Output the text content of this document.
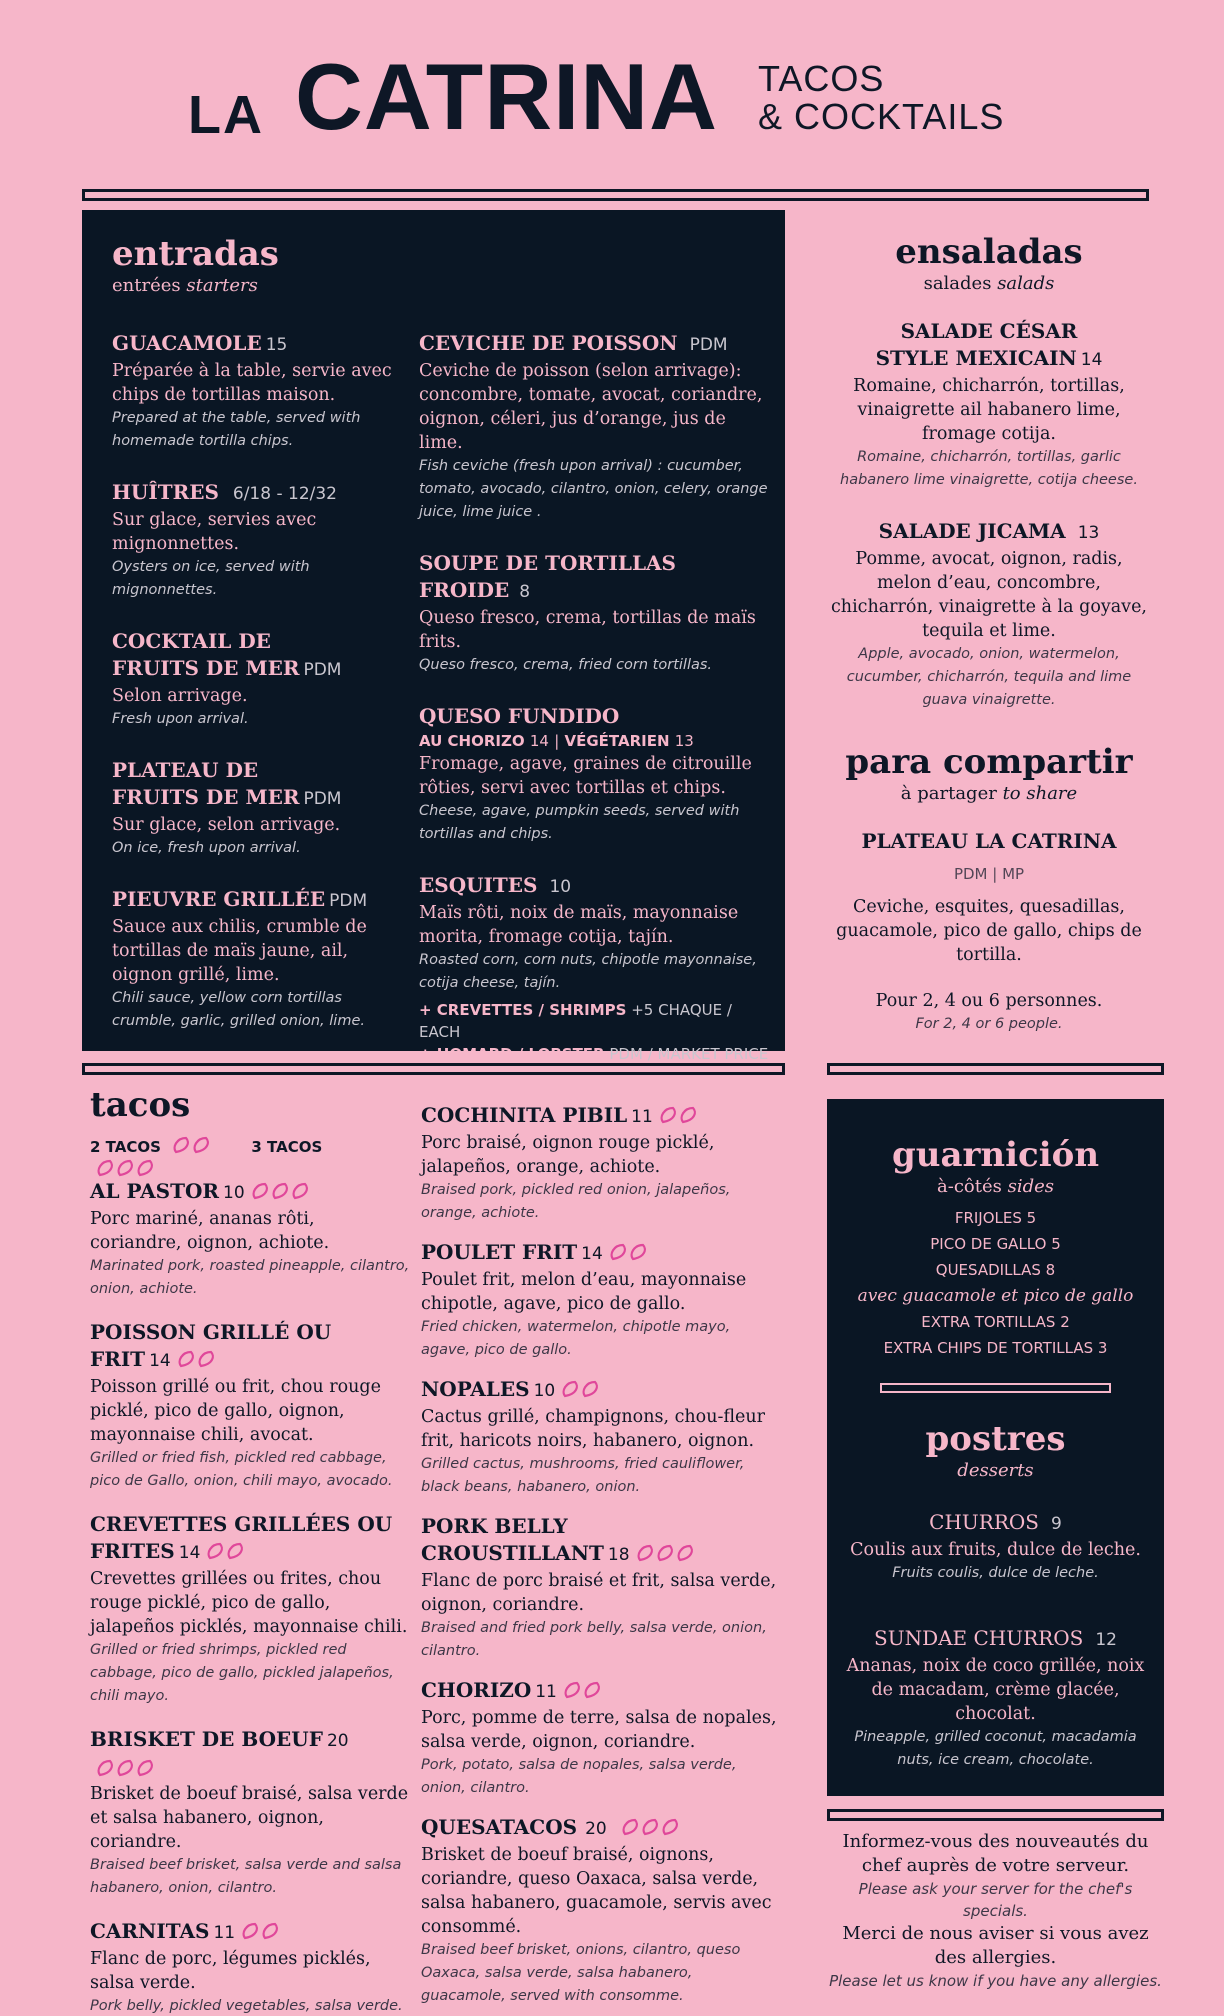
LA CATRINA TACOS
& COCKTAILS
entradas
entrées starters
GUACAMOLE 15
Préparée à la table, servie avec chips de tortillas maison.
Prepared at the table, served with homemade tortilla chips.
HUÎTRES 6/18 - 12/32
Sur glace, servies avec mignonnettes.
Oysters on ice, served with mignonnettes.
COCKTAIL DE FRUITS DE MER PDM
Selon arrivage.
Fresh upon arrival.
PLATEAU DE FRUITS DE MER PDM
Sur glace, selon arrivage.
On ice, fresh upon arrival.
PIEUVRE GRILLÉE PDM
Sauce aux chilis, crumble de tortillas de maïs jaune, ail, oignon grillé, lime.
Chili sauce, yellow corn tortillas crumble, garlic, grilled onion, lime.
CEVICHE DE POISSON PDM
Ceviche de poisson (selon arrivage): concombre, tomate, avocat, coriandre, oignon, céleri, jus d’orange, jus de lime.
Fish ceviche (fresh upon arrival) : cucumber, tomato, avocado, cilantro, onion, celery, orange juice, lime juice .
SOUPE DE TORTILLAS FROIDE 8
Queso fresco, crema, tortillas de maïs frits.
Queso fresco, crema, fried corn tortillas.
QUESO FUNDIDO
AU CHORIZO 14 | VÉGÉTARIEN 13
Fromage, agave, graines de citrouille rôties, servi avec tortillas et chips.
Cheese, agave, pumpkin seeds, served with tortillas and chips.
ESQUITES 10
Maïs rôti, noix de maïs, mayonnaise morita, fromage cotija, tajín.
Roasted corn, corn nuts, chipotle mayonnaise, cotija cheese, tajín.
+ CREVETTES / SHRIMPS +5 CHAQUE / EACH
+ HOMARD / LOBSTER PDM / MARKET PRICE
ensaladas
salades salads
SALADE CÉSAR STYLE MEXICAIN 14
Romaine, chicharrón, tortillas, vinaigrette ail habanero lime, fromage cotija.
Romaine, chicharrón, tortillas, garlic habanero lime vinaigrette, cotija cheese.
SALADE JICAMA 13
Pomme, avocat, oignon, radis, melon d’eau, concombre, chicharrón, vinaigrette à la goyave, tequila et lime.
Apple, avocado, onion, watermelon, cucumber, chicharrón, tequila and lime guava vinaigrette.
para compartir
à partager to share
PLATEAU LA CATRINA
PDM | MP
Ceviche, esquites, quesadillas, guacamole, pico de gallo, chips de tortilla.
Pour 2, 4 ou 6 personnes.
For 2, 4 or 6 people.
tacos
2 TACOS	3 TACOS
AL PASTOR 10
Porc mariné, ananas rôti, coriandre, oignon, achiote.
Marinated pork, roasted pineapple, cilantro, onion, achiote.
POISSON GRILLÉ OU FRIT 14
Poisson grillé ou frit, chou rouge picklé, pico de gallo, oignon, mayonnaise chili, avocat.
Grilled or fried fish, pickled red cabbage, pico de Gallo, onion, chili mayo, avocado.
CREVETTES GRILLÉES OU FRITES 14
Crevettes grillées ou frites, chou rouge picklé, pico de gallo, jalapeños picklés, mayonnaise chili.
Grilled or fried shrimps, pickled red cabbage, pico de gallo, pickled jalapeños, chili mayo.
BRISKET DE BOEUF 20
Brisket de boeuf braisé, salsa verde et salsa habanero, oignon, coriandre.
Braised beef brisket, salsa verde and salsa habanero, onion, cilantro.
CARNITAS 11
Flanc de porc, légumes picklés, salsa verde.
Pork belly, pickled vegetables, salsa verde.
COCHINITA PIBIL 11
Porc braisé, oignon rouge picklé, jalapeños, orange, achiote.
Braised pork, pickled red onion, jalapeños, orange, achiote.
POULET FRIT 14
Poulet frit, melon d’eau, mayonnaise chipotle, agave, pico de gallo.
Fried chicken, watermelon, chipotle mayo, agave, pico de gallo.
NOPALES 10
Cactus grillé, champignons, chou-fleur frit, haricots noirs, habanero, oignon.
Grilled cactus, mushrooms, fried cauliflower, black beans, habanero, onion.
PORK BELLY CROUSTILLANT 18
Flanc de porc braisé et frit, salsa verde, oignon, coriandre.
Braised and fried pork belly, salsa verde, onion, cilantro.
CHORIZO 11
Porc, pomme de terre, salsa de nopales, salsa verde, oignon, coriandre.
Pork, potato, salsa de nopales, salsa verde, onion, cilantro.
QUESATACOS 20
Brisket de boeuf braisé, oignons, coriandre, queso Oaxaca, salsa verde, salsa habanero, guacamole, servis avec consommé.
Braised beef brisket, onions, cilantro, queso Oaxaca, salsa verde, salsa habanero, guacamole, served with consomme.
guarnición
à-côtés sides
FRIJOLES 5
PICO DE GALLO 5
QUESADILLAS 8
avec guacamole et pico de gallo
EXTRA TORTILLAS 2
EXTRA CHIPS DE TORTILLAS 3
postres
desserts
CHURROS 9
Coulis aux fruits, dulce de leche.
Fruits coulis, dulce de leche.
SUNDAE CHURROS 12
Ananas, noix de coco grillée, noix de macadam, crème glacée, chocolat.
Pineapple, grilled coconut, macadamia nuts, ice cream, chocolate.
Informez-vous des nouveautés du chef auprès de votre serveur.
Please ask your server for the chef's specials.
Merci de nous aviser si vous avez des allergies.
Please let us know if you have any allergies.
